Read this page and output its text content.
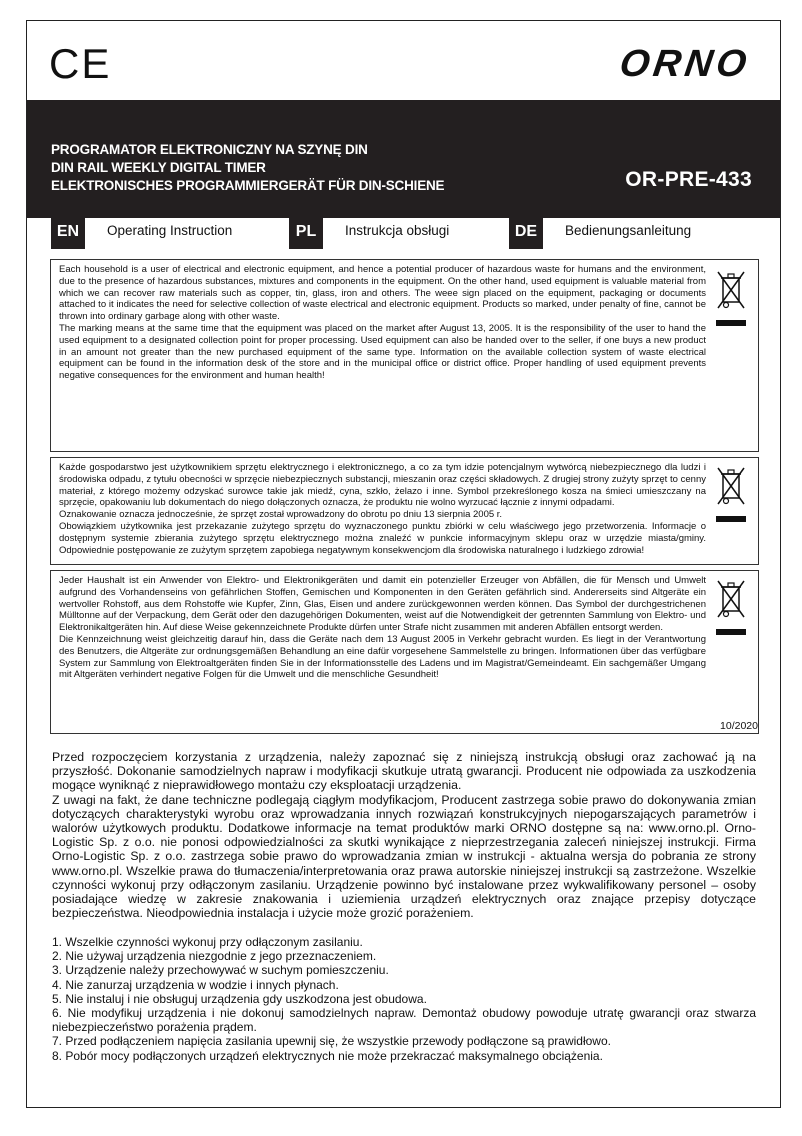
CE	ORNO
PROGRAMATOR ELEKTRONICZNY NA SZYNĘ DIN
DIN RAIL WEEKLY DIGITAL TIMER
ELEKTRONISCHES PROGRAMMIERGERÄT FÜR DIN-SCHIENE	OR-PRE-433
EN	Operating Instruction	PL	Instrukcja obsługi	DE	Bedienungsanleitung

Each household is a user of electrical and electronic equipment, and hence a potential producer of hazardous waste for humans and the environment, due to the presence of hazardous substances, mixtures and components in the equipment. On the other hand, used equipment is valuable material from which we can recover raw materials such as copper, tin, glass, iron and others. The weee sign placed on the equipment, packaging or documents attached to it indicates the need for selective collection of waste electrical and electronic equipment. Products so marked, under penalty of fine, cannot be thrown into ordinary garbage along with other waste.

The marking means at the same time that the equipment was placed on the market after August 13, 2005. It is the responsibility of the user to hand the used equipment to a designated collection point for proper processing. Used equipment can also be handed over to the seller, if one buys a new product in an amount not greater than the new purchased equipment of the same type. Information on the available collection system of waste electrical equipment can be found in the information desk of the store and in the municipal office or district office. Proper handling of used equipment prevents negative consequences for the environment and human health!

Każde gospodarstwo jest użytkownikiem sprzętu elektrycznego i elektronicznego, a co za tym idzie potencjalnym wytwórcą niebezpiecznego dla ludzi i środowiska odpadu, z tytułu obecności w sprzęcie niebezpiecznych substancji, mieszanin oraz części składowych. Z drugiej strony zużyty sprzęt to cenny materiał, z którego możemy odzyskać surowce takie jak miedź, cyna, szkło, żelazo i inne. Symbol przekreślonego kosza na śmieci umieszczany na sprzęcie, opakowaniu lub dokumentach do niego dołączonych oznacza, że produktu nie wolno wyrzucać łącznie z innymi odpadami.

Oznakowanie oznacza jednocześnie, że sprzęt został wprowadzony do obrotu po dniu 13 sierpnia 2005 r.

Obowiązkiem użytkownika jest przekazanie zużytego sprzętu do wyznaczonego punktu zbiórki w celu właściwego jego przetworzenia. Informacje o dostępnym systemie zbierania zużytego sprzętu elektrycznego można znaleźć w punkcie informacyjnym sklepu oraz w urzędzie miasta/gminy. Odpowiednie postępowanie ze zużytym sprzętem zapobiega negatywnym konsekwencjom dla środowiska naturalnego i ludzkiego zdrowia!

Jeder Haushalt ist ein Anwender von Elektro- und Elektronikgeräten und damit ein potenzieller Erzeuger von Abfällen, die für Mensch und Umwelt aufgrund des Vorhandenseins von gefährlichen Stoffen, Gemischen und Komponenten in den Geräten gefährlich sind. Andererseits sind Altgeräte ein wertvoller Rohstoff, aus dem Rohstoffe wie Kupfer, Zinn, Glas, Eisen und andere zurückgewonnen werden können. Das Symbol der durchgestrichenen Mülltonne auf der Verpackung, dem Gerät oder den dazugehörigen Dokumenten, weist auf die Notwendigkeit der getrennten Sammlung von Elektro- und Elektronikaltgeräten hin. Auf diese Weise gekennzeichnete Produkte dürfen unter Strafe nicht zusammen mit anderen Abfällen entsorgt werden.

Die Kennzeichnung weist gleichzeitig darauf hin, dass die Geräte nach dem 13 August 2005 in Verkehr gebracht wurden. Es liegt in der Verantwortung des Benutzers, die Altgeräte zur ordnungsgemäßen Behandlung an eine dafür vorgesehene Sammelstelle zu bringen. Informationen über das verfügbare System zur Sammlung von Elektroaltgeräten finden Sie in der Informationsstelle des Ladens und im Magistrat/Gemeindeamt. Ein sachgemäßer Umgang mit Altgeräten verhindert negative Folgen für die Umwelt und die menschliche Gesundheit!

10/2020

Przed rozpoczęciem korzystania z urządzenia, należy zapoznać się z niniejszą instrukcją obsługi oraz zachować ją na przyszłość. Dokonanie samodzielnych napraw i modyfikacji skutkuje utratą gwarancji. Producent nie odpowiada za uszkodzenia mogące wyniknąć z nieprawidłowego montażu czy eksploatacji urządzenia.

Z uwagi na fakt, że dane techniczne podlegają ciągłym modyfikacjom, Producent zastrzega sobie prawo do dokonywania zmian dotyczących charakterystyki wyrobu oraz wprowadzania innych rozwiązań konstrukcyjnych niepogarszających parametrów i walorów użytkowych produktu. Dodatkowe informacje na temat produktów marki ORNO dostępne są na: www.orno.pl. Orno-Logistic Sp. z o.o. nie ponosi odpowiedzialności za skutki wynikające z nieprzestrzegania zaleceń niniejszej instrukcji. Firma Orno-Logistic Sp. z o.o. zastrzega sobie prawo do wprowadzania zmian w instrukcji - aktualna wersja do pobrania ze strony www.orno.pl. Wszelkie prawa do tłumaczenia/interpretowania oraz prawa autorskie niniejszej instrukcji są zastrzeżone. Wszelkie czynności wykonuj przy odłączonym zasilaniu. Urządzenie powinno być instalowane przez wykwalifikowany personel – osoby posiadające wiedzę w zakresie znakowania i uziemienia urządzeń elektrycznych oraz znające przepisy dotyczące bezpieczeństwa. Nieodpowiednia instalacja i użycie może grozić porażeniem.

1. Wszelkie czynności wykonuj przy odłączonym zasilaniu.
2. Nie używaj urządzenia niezgodnie z jego przeznaczeniem.
3. Urządzenie należy przechowywać w suchym pomieszczeniu.
4. Nie zanurzaj urządzenia w wodzie i innych płynach.
5. Nie instaluj i nie obsługuj urządzenia gdy uszkodzona jest obudowa.
6. Nie modyfikuj urządzenia i nie dokonuj samodzielnych napraw. Demontaż obudowy powoduje utratę gwarancji oraz stwarza niebezpieczeństwo porażenia prądem.
7. Przed podłączeniem napięcia zasilania upewnij się, że wszystkie przewody podłączone są prawidłowo.
8. Pobór mocy podłączonych urządzeń elektrycznych nie może przekraczać maksymalnego obciążenia.
